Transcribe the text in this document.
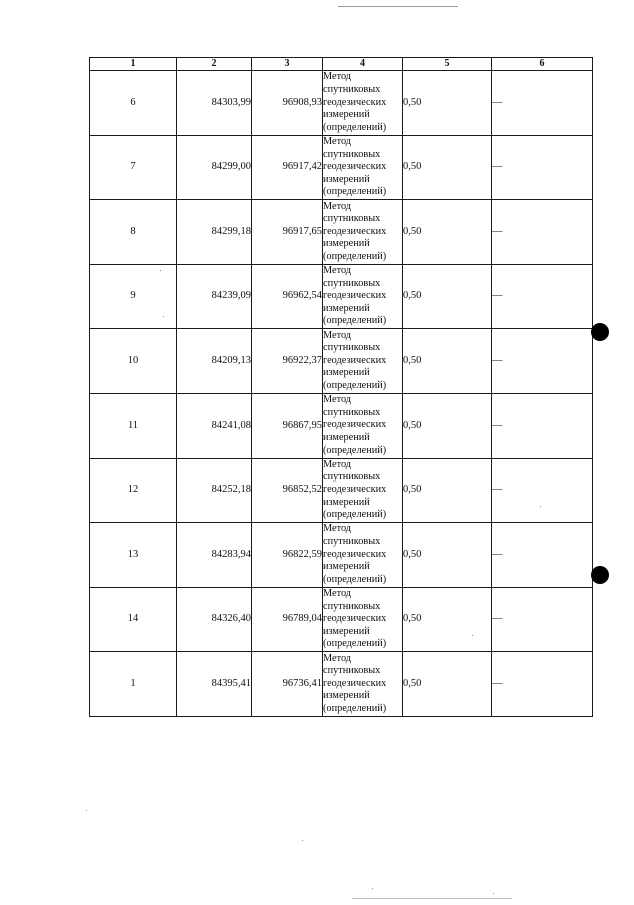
1	2	3	4	5	6
6	84303,99	96908,93	Метод
спутниковых
геодезических
измерений
(определений)	0,50	—
7	84299,00	96917,42	Метод
спутниковых
геодезических
измерений
(определений)	0,50	—
8	84299,18	96917,65	Метод
спутниковых
геодезических
измерений
(определений)	0,50	—
9	84239,09	96962,54	Метод
спутниковых
геодезических
измерений
(определений)	0,50	—
10	84209,13	96922,37	Метод
спутниковых
геодезических
измерений
(определений)	0,50	—
11	84241,08	96867,95	Метод
спутниковых
геодезических
измерений
(определений)	0,50	—
12	84252,18	96852,52	Метод
спутниковых
геодезических
измерений
(определений)	0,50	—
13	84283,94	96822,59	Метод
спутниковых
геодезических
измерений
(определений)	0,50	—
14	84326,40	96789,04	Метод
спутниковых
геодезических
измерений
(определений)	0,50	—
1	84395,41	96736,41	Метод
спутниковых
геодезических
измерений
(определений)	0,50	—
